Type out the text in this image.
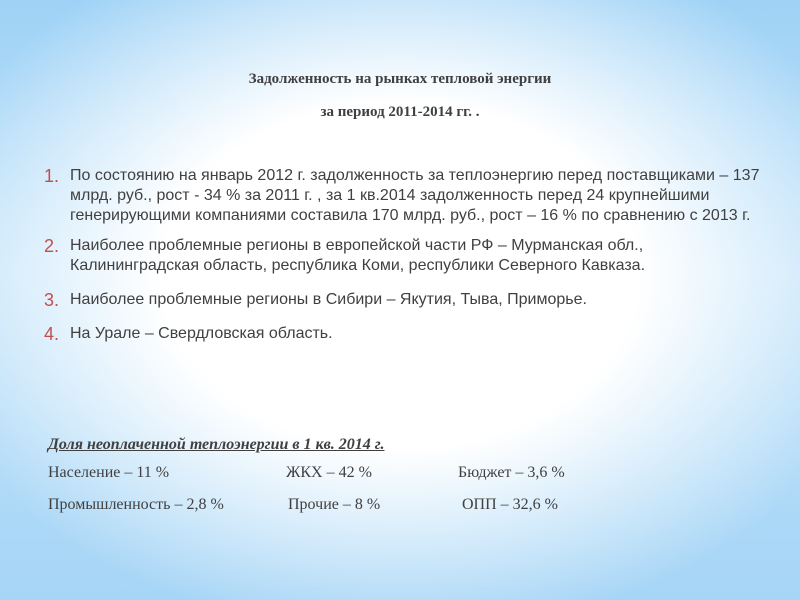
Задолженность на рынках тепловой энергии
за период 2011-2014 гг. .
1. По состоянию на январь 2012 г. задолженность за теплоэнергию перед поставщиками – 137 млрд. руб., рост - 34 % за 2011 г. , за 1 кв.2014 задолженность перед 24 крупнейшими генерирующими компаниями составила 170 млрд. руб., рост – 16 % по сравнению с 2013 г.
2. Наиболее проблемные регионы в европейской части РФ – Мурманская обл., Калининградская область, республика Коми, республики Северного Кавказа.
3. Наиболее проблемные регионы в Сибири – Якутия, Тыва, Приморье.
4. На Урале – Свердловская область.
Доля неоплаченной теплоэнергии в 1 кв. 2014 г.
Население – 11 %	ЖКХ – 42 %	Бюджет – 3,6 %
Промышленность – 2,8 %	Прочие – 8 %	ОПП – 32,6 %
